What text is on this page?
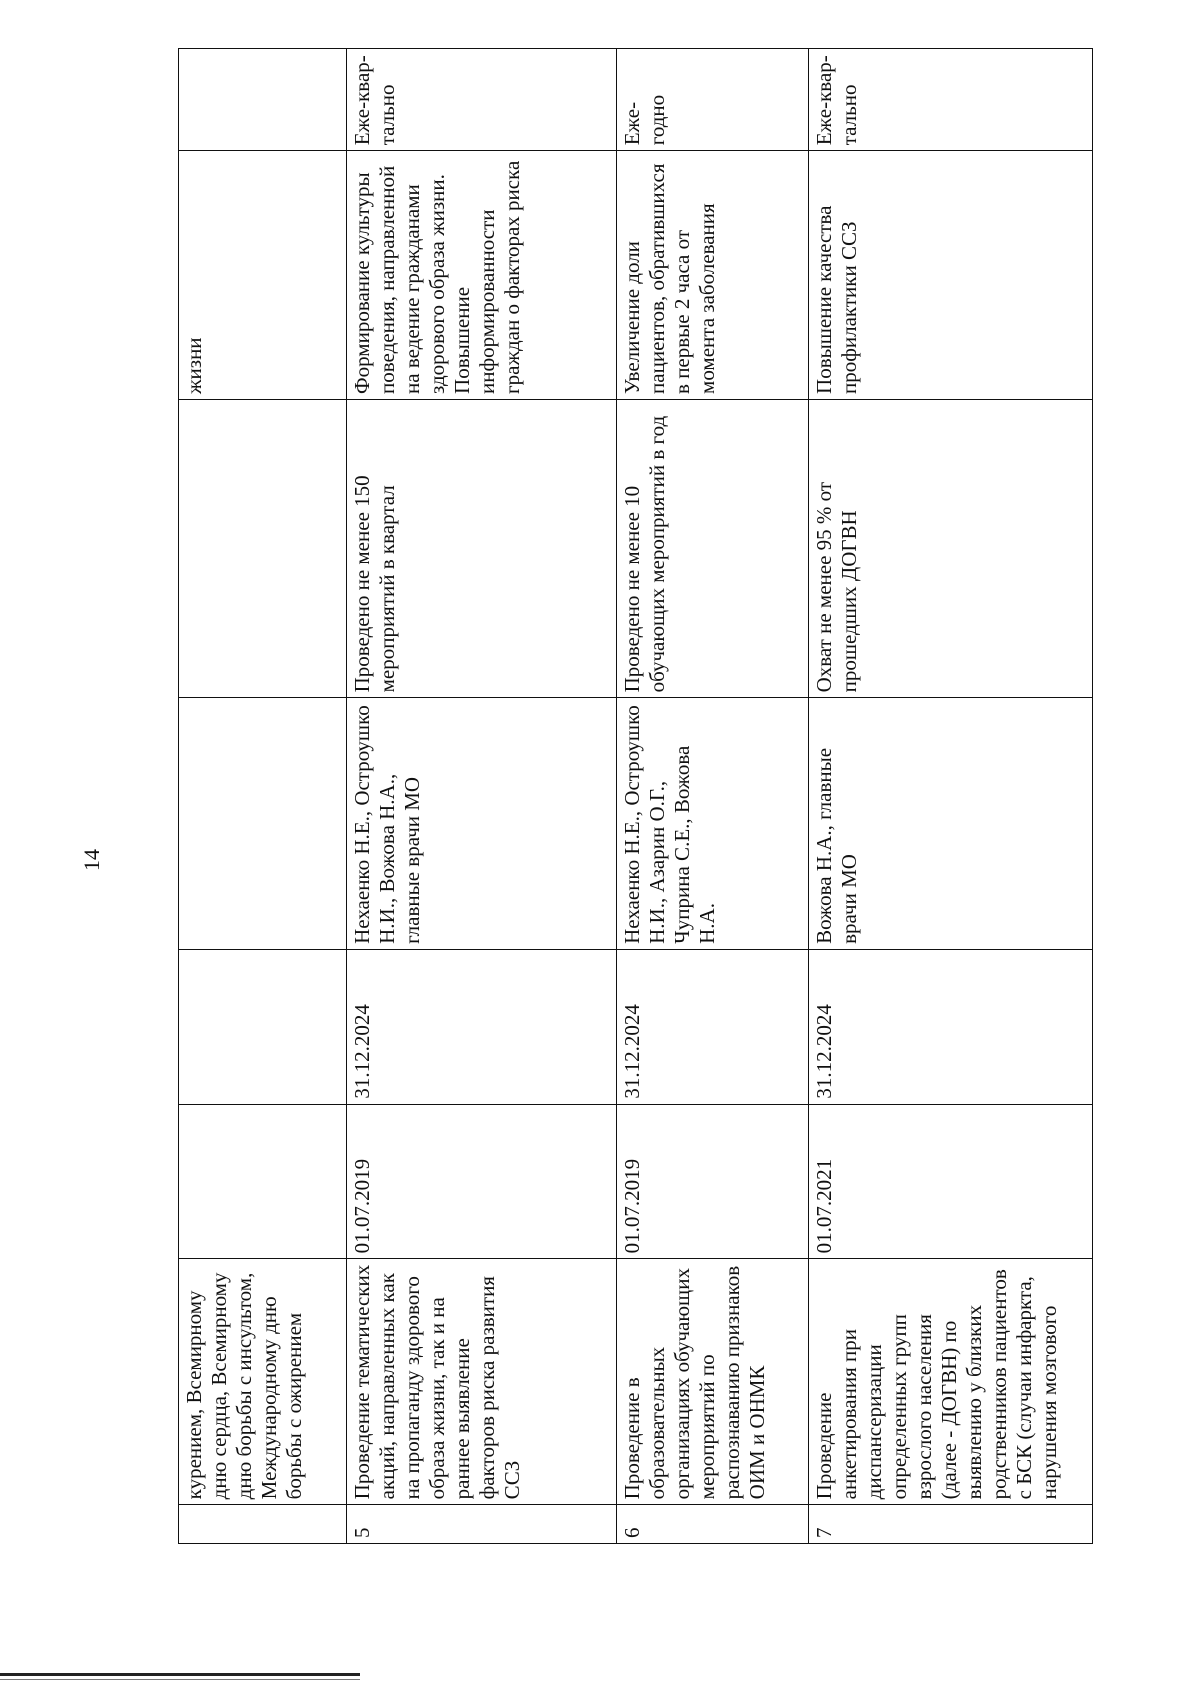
14
	курением, Всемирному дню сердца, Всемирному дню борьбы с инсультом, Международному дню борьбы с ожирением					жизни	
5	Проведение тематических акций, направленных как на пропаганду здорового образа жизни, так и на раннее выявление факторов риска развития ССЗ	01.07.2019	31.12.2024	Нехаенко Н.Е., Остроушко Н.И., Вожова Н.А., главные врачи МО	Проведено не менее 150 мероприятий в квартал	Формирование культуры поведения, направленной на ведение гражданами здорового образа жизни. Повышение информированности граждан о факторах риска	Еже-квар-тально
6	Проведение в образовательных организациях обучающих мероприятий по распознаванию признаков ОИМ и ОНМК	01.07.2019	31.12.2024	Нехаенко Н.Е., Остроушко Н.И., Азарин О.Г., Чуприна С.Е., Вожова Н.А.	Проведено не менее 10 обучающих мероприятий в год	Увеличение доли пациентов, обратившихся в первые 2 часа от момента заболевания	Еже-годно
7	Проведение анкетирования при диспансеризации определенных групп взрослого населения (далее - ДОГВН) по выявлению у близких родственников пациентов с БСК (случаи инфаркта, нарушения мозгового	01.07.2021	31.12.2024	Вожова Н.А., главные врачи МО	Охват не менее 95 % от прошедших ДОГВН	Повышение качества профилактики ССЗ	Еже-квар-тально
